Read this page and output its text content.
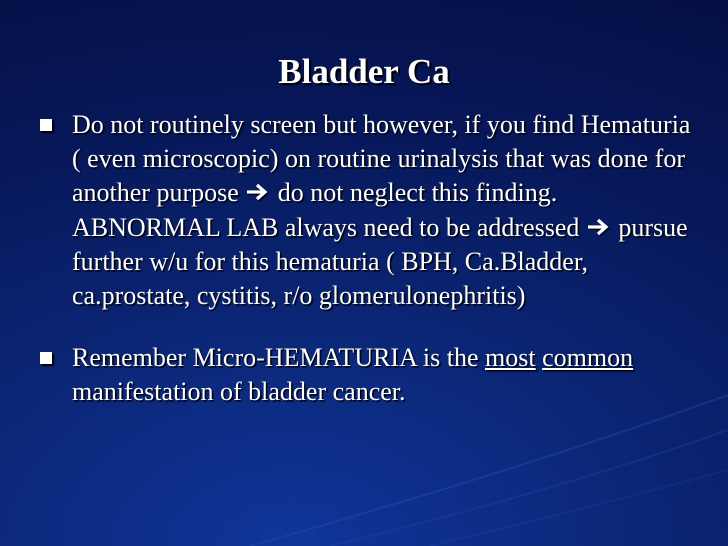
Bladder Ca
Do not routinely screen but however, if you find Hematuria ( even microscopic) on routine urinalysis that was done for another purpose  do not neglect this finding. ABNORMAL LAB always need to be addressed  pursue further w/u for this hematuria ( BPH, Ca.Bladder, ca.prostate, cystitis, r/o glomerulonephritis)
Remember Micro-HEMATURIA is the most common manifestation of bladder cancer.
